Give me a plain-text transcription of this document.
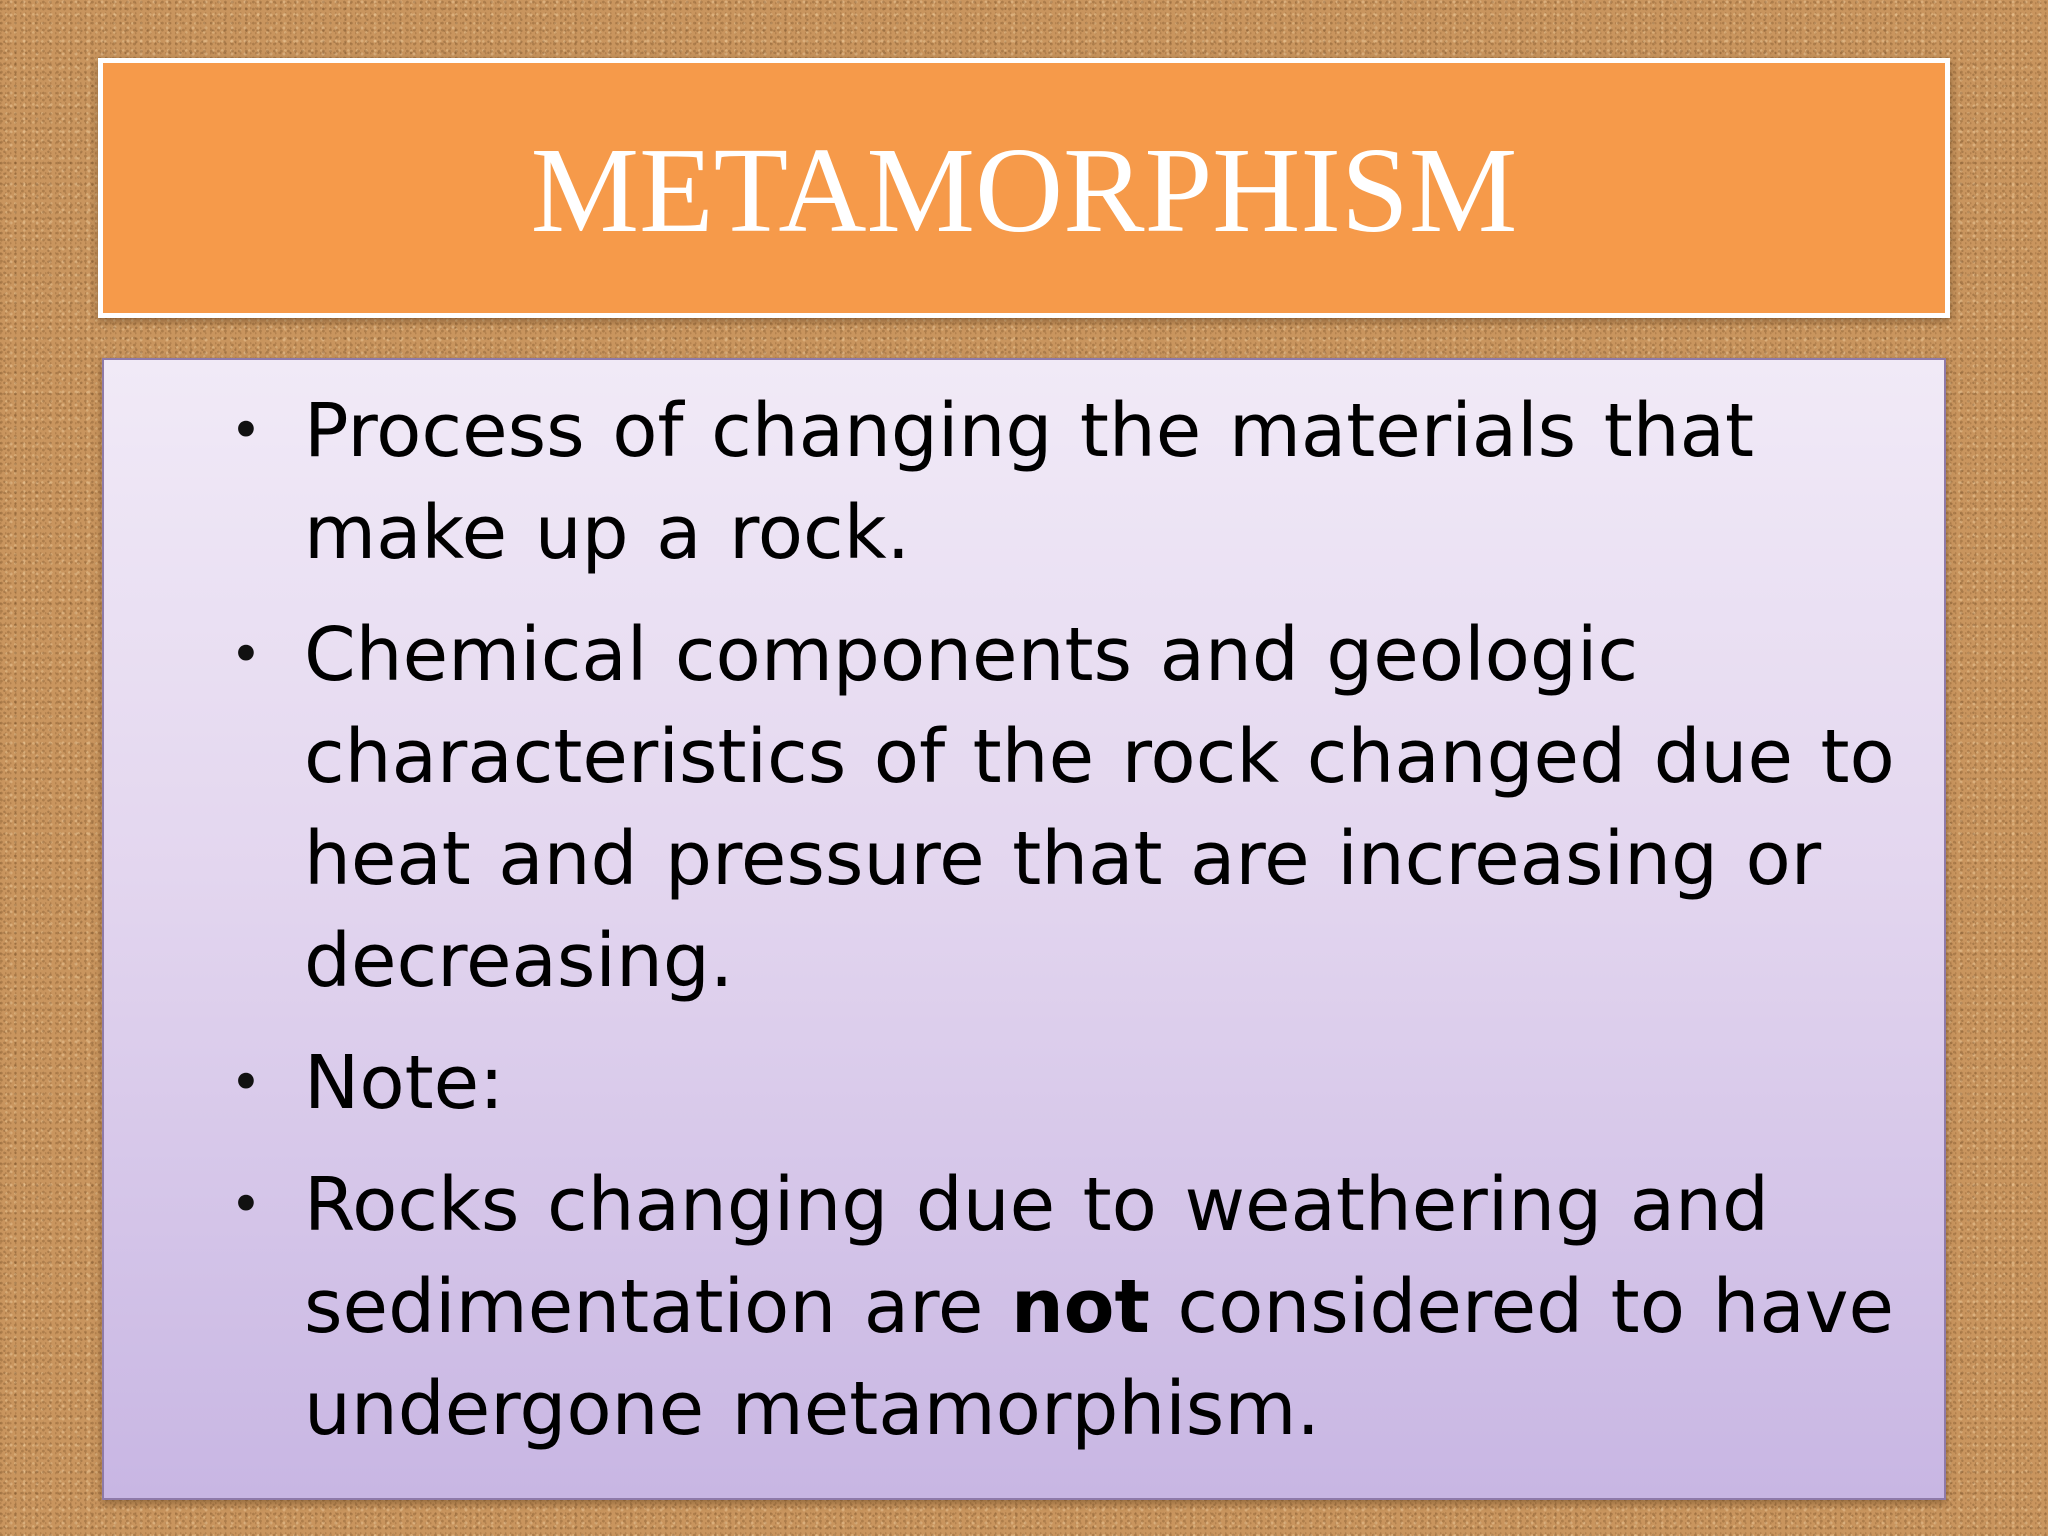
METAMORPHISM
• Process of changing the materials that make up a rock.
• Chemical components and geologic characteristics of the rock changed due to heat and pressure that are increasing or decreasing.
• Note:
• Rocks changing due to weathering and sedimentation are not considered to have undergone metamorphism.
